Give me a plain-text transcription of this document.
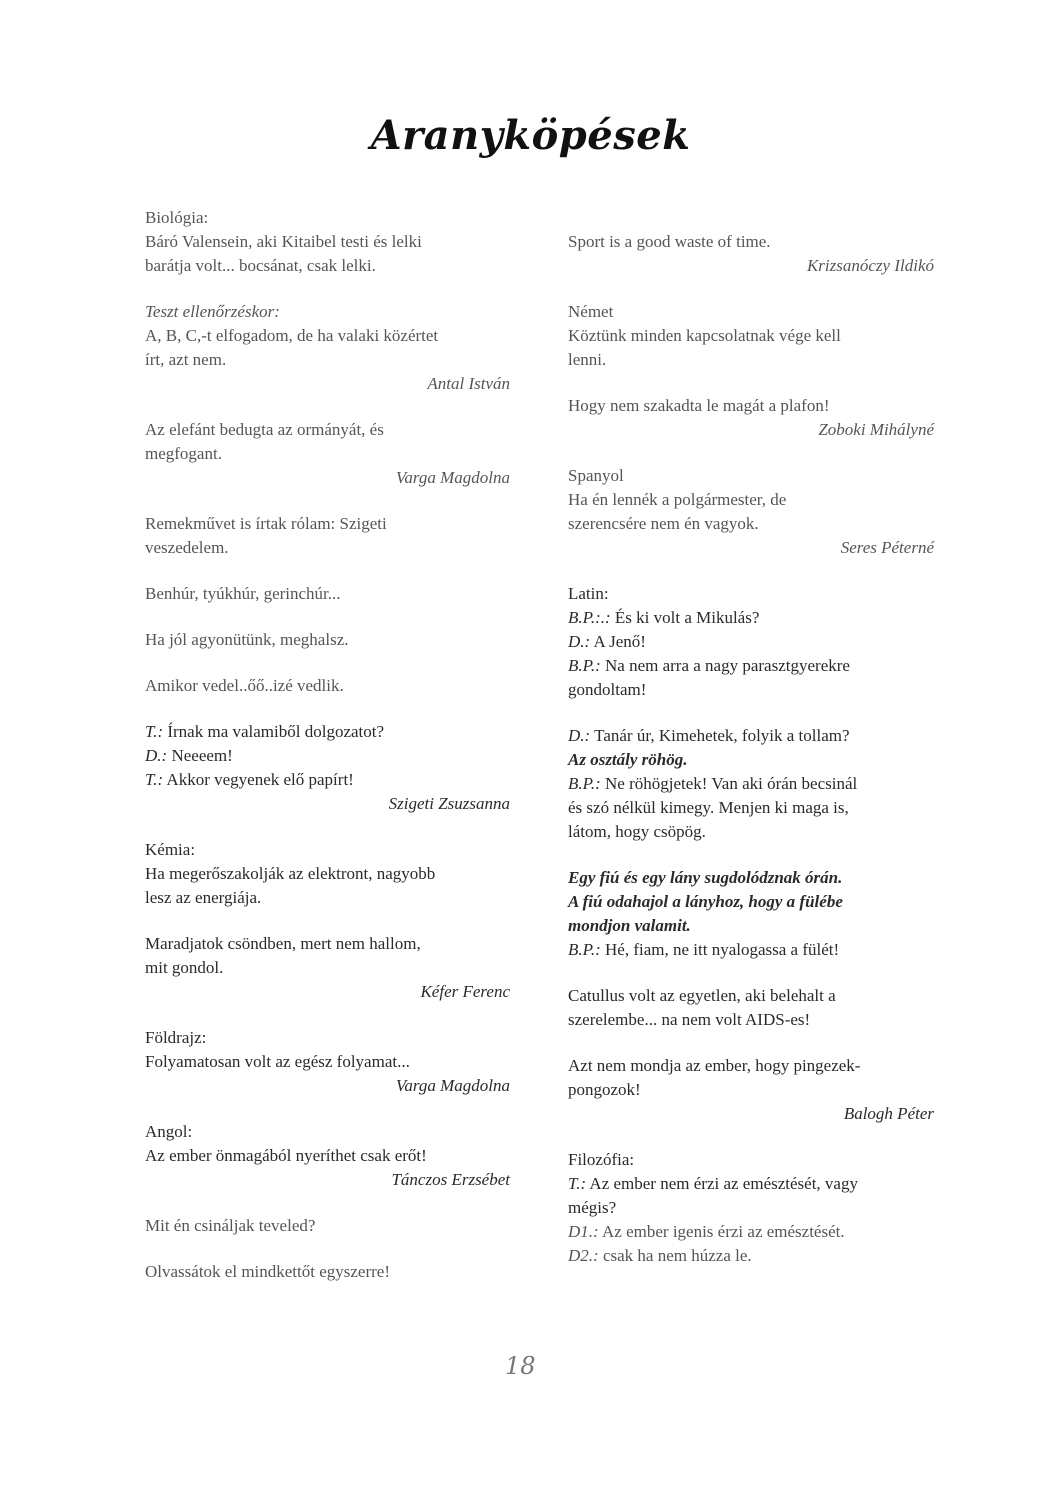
Aranyköpések
Biológia:
Báró Valensein, aki Kitaibel testi és lelki
barátja volt... bocsánat, csak lelki.
Teszt ellenőrzéskor:
A, B, C,-t elfogadom, de ha valaki közértet
írt, azt nem.
Antal István
Az elefánt bedugta az ormányát, és
megfogant.
Varga Magdolna
Remekművet is írtak rólam: Szigeti
veszedelem.
Benhúr, tyúkhúr, gerinchúr...
Ha jól agyonütünk, meghalsz.
Amikor vedel..őő..izé vedlik.
T.: Írnak ma valamiből dolgozatot?
D.: Neeeem!
T.: Akkor vegyenek elő papírt!
Szigeti Zsuzsanna
Kémia:
Ha megerőszakolják az elektront, nagyobb
lesz az energiája.
Maradjatok csöndben, mert nem hallom,
mit gondol.
Kéfer Ferenc
Földrajz:
Folyamatosan volt az egész folyamat...
Varga Magdolna
Angol:
Az ember önmagából nyeríthet csak erőt!
Tánczos Erzsébet
Mit én csináljak teveled?
Olvassátok el mindkettőt egyszerre!
Sport is a good waste of time.
Krizsanóczy Ildikó
Német
Köztünk minden kapcsolatnak vége kell
lenni.
Hogy nem szakadta le magát a plafon!
Zoboki Mihályné
Spanyol
Ha én lennék a polgármester, de
szerencsére nem én vagyok.
Seres Péterné
Latin:
B.P.:.: És ki volt a Mikulás?
D.: A Jenő!
B.P.: Na nem arra a nagy parasztgyerekre
gondoltam!
D.: Tanár úr, Kimehetek, folyik a tollam?
Az osztály röhög.
B.P.: Ne röhögjetek! Van aki órán becsinál
és szó nélkül kimegy. Menjen ki maga is,
látom, hogy csöpög.
Egy fiú és egy lány sugdolódznak órán.
A fiú odahajol a lányhoz, hogy a fülébe
mondjon valamit.
B.P.: Hé, fiam, ne itt nyalogassa a fülét!
Catullus volt az egyetlen, aki belehalt a
szerelembe... na nem volt AIDS-es!
Azt nem mondja az ember, hogy pingezek-
pongozok!
Balogh Péter
Filozófia:
T.: Az ember nem érzi az emésztését, vagy
mégis?
D1.: Az ember igenis érzi az emésztését.
D2.: csak ha nem húzza le.
18
